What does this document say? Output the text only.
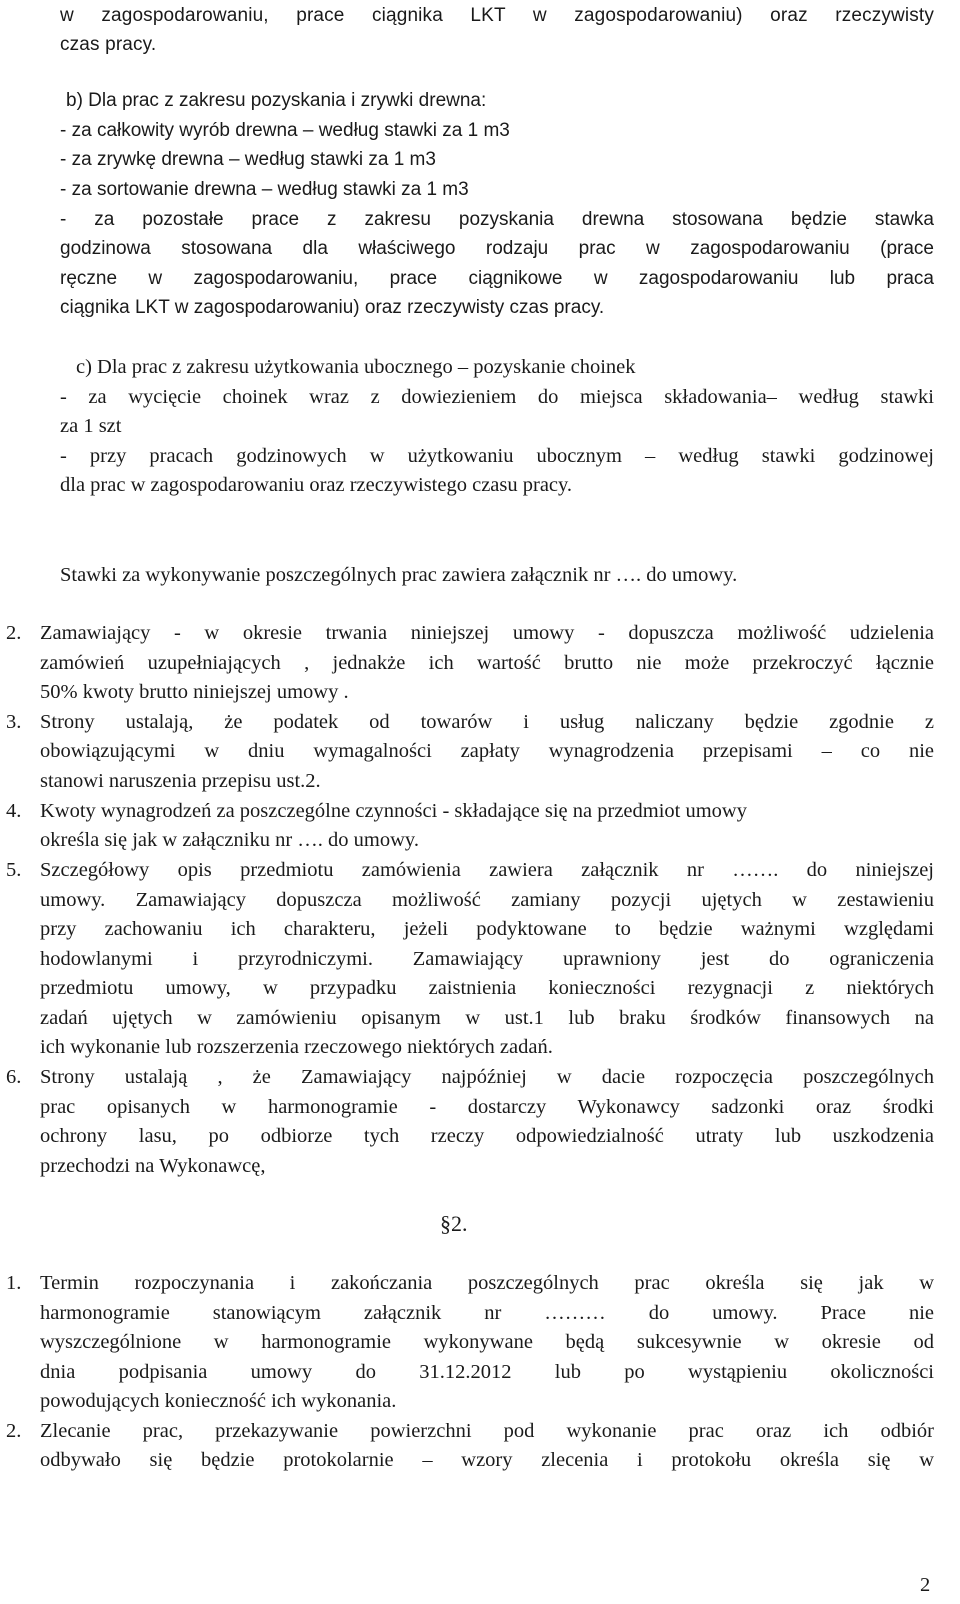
w zagospodarowaniu, prace ciągnika LKT w zagospodarowaniu) oraz rzeczywisty
czas pracy.
b) Dla prac z zakresu pozyskania i zrywki drewna:
- za całkowity wyrób drewna – według stawki za 1 m3
- za zrywkę drewna – według stawki za 1 m3
- za sortowanie drewna – według stawki za 1 m3
- za pozostałe prace z zakresu pozyskania drewna stosowana będzie stawka
godzinowa stosowana dla właściwego rodzaju prac w zagospodarowaniu (prace
ręczne w zagospodarowaniu, prace ciągnikowe w zagospodarowaniu lub praca
ciągnika LKT w zagospodarowaniu) oraz rzeczywisty czas pracy.
c) Dla prac z zakresu użytkowania ubocznego – pozyskanie choinek
- za wycięcie choinek wraz z dowiezieniem do miejsca składowania– według stawki
za 1 szt
- przy pracach godzinowych w użytkowaniu ubocznym – według stawki godzinowej
dla prac w zagospodarowaniu oraz rzeczywistego czasu pracy.
Stawki za wykonywanie poszczególnych prac zawiera załącznik nr …. do umowy.
2. Zamawiający - w okresie trwania niniejszej umowy - dopuszcza możliwość udzielenia
zamówień uzupełniających , jednakże ich wartość brutto nie może przekroczyć łącznie
50% kwoty brutto niniejszej umowy .
3. Strony ustalają, że podatek od towarów i usług naliczany będzie zgodnie z
obowiązującymi w dniu wymagalności zapłaty wynagrodzenia przepisami – co nie
stanowi naruszenia przepisu ust.2.
4. Kwoty wynagrodzeń za poszczególne czynności - składające się na przedmiot umowy
określa się jak w załączniku nr …. do umowy.
5. Szczegółowy opis przedmiotu zamówienia zawiera załącznik nr ……. do niniejszej
umowy. Zamawiający dopuszcza możliwość zamiany pozycji ujętych w zestawieniu
przy zachowaniu ich charakteru, jeżeli podyktowane to będzie ważnymi względami
hodowlanymi i przyrodniczymi. Zamawiający uprawniony jest do ograniczenia
przedmiotu umowy, w przypadku zaistnienia konieczności rezygnacji z niektórych
zadań ujętych w zamówieniu opisanym w ust.1 lub braku środków finansowych na
ich wykonanie lub rozszerzenia rzeczowego niektórych zadań.
6. Strony ustalają , że Zamawiający najpóźniej w dacie rozpoczęcia poszczególnych
prac opisanych w harmonogramie - dostarczy Wykonawcy sadzonki oraz środki
ochrony lasu, po odbiorze tych rzeczy odpowiedzialność utraty lub uszkodzenia
przechodzi na Wykonawcę,
§2.
1. Termin rozpoczynania i zakończania poszczególnych prac określa się jak w
harmonogramie stanowiącym załącznik nr ……… do umowy. Prace nie
wyszczególnione w harmonogramie wykonywane będą sukcesywnie w okresie od
dnia podpisania umowy do 31.12.2012 lub po wystąpieniu okoliczności
powodujących konieczność ich wykonania.
2. Zlecanie prac, przekazywanie powierzchni pod wykonanie prac oraz ich odbiór
odbywało się będzie protokolarnie – wzory zlecenia i protokołu określa się w
2
